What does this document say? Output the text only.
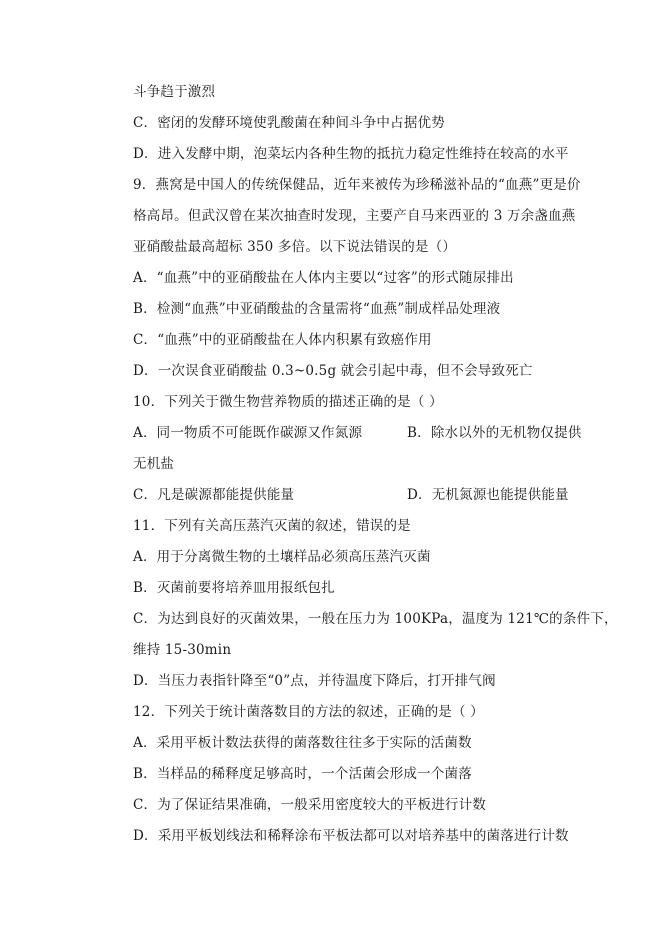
斗争趋于激烈
C．密闭的发酵环境使乳酸菌在种间斗争中占据优势
D．进入发酵中期，泡菜坛内各种生物的抵抗力稳定性维持在较高的水平
9．燕窝是中国人的传统保健品，近年来被传为珍稀滋补品的“血燕”更是价
格高昂。但武汉曾在某次抽查时发现，主要产自马来西亚的 3 万余盏血燕
亚硝酸盐最高超标 350 多倍。以下说法错误的是（）
A．“血燕”中的亚硝酸盐在人体内主要以“过客”的形式随尿排出
B．检测“血燕”中亚硝酸盐的含量需将“血燕”制成样品处理液
C．“血燕”中的亚硝酸盐在人体内积累有致癌作用
D．一次误食亚硝酸盐 0.3~0.5g 就会引起中毒，但不会导致死亡
10．下列关于微生物营养物质的描述正确的是（ ）
A．同一物质不可能既作碳源又作氮源	B．除水以外的无机物仅提供
无机盐
C．凡是碳源都能提供能量	D．无机氮源也能提供能量
11．下列有关高压蒸汽灭菌的叙述，错误的是
A．用于分离微生物的土壤样品必须高压蒸汽灭菌
B．灭菌前要将培养皿用报纸包扎
C．为达到良好的灭菌效果，一般在压力为 100KPa，温度为 121℃的条件下，
维持 15-30min
D．当压力表指针降至“0”点，并待温度下降后，打开排气阀
12．下列关于统计菌落数目的方法的叙述，正确的是（ ）
A．采用平板计数法获得的菌落数往往多于实际的活菌数
B．当样品的稀释度足够高时，一个活菌会形成一个菌落
C．为了保证结果准确，一般采用密度较大的平板进行计数
D．采用平板划线法和稀释涂布平板法都可以对培养基中的菌落进行计数
